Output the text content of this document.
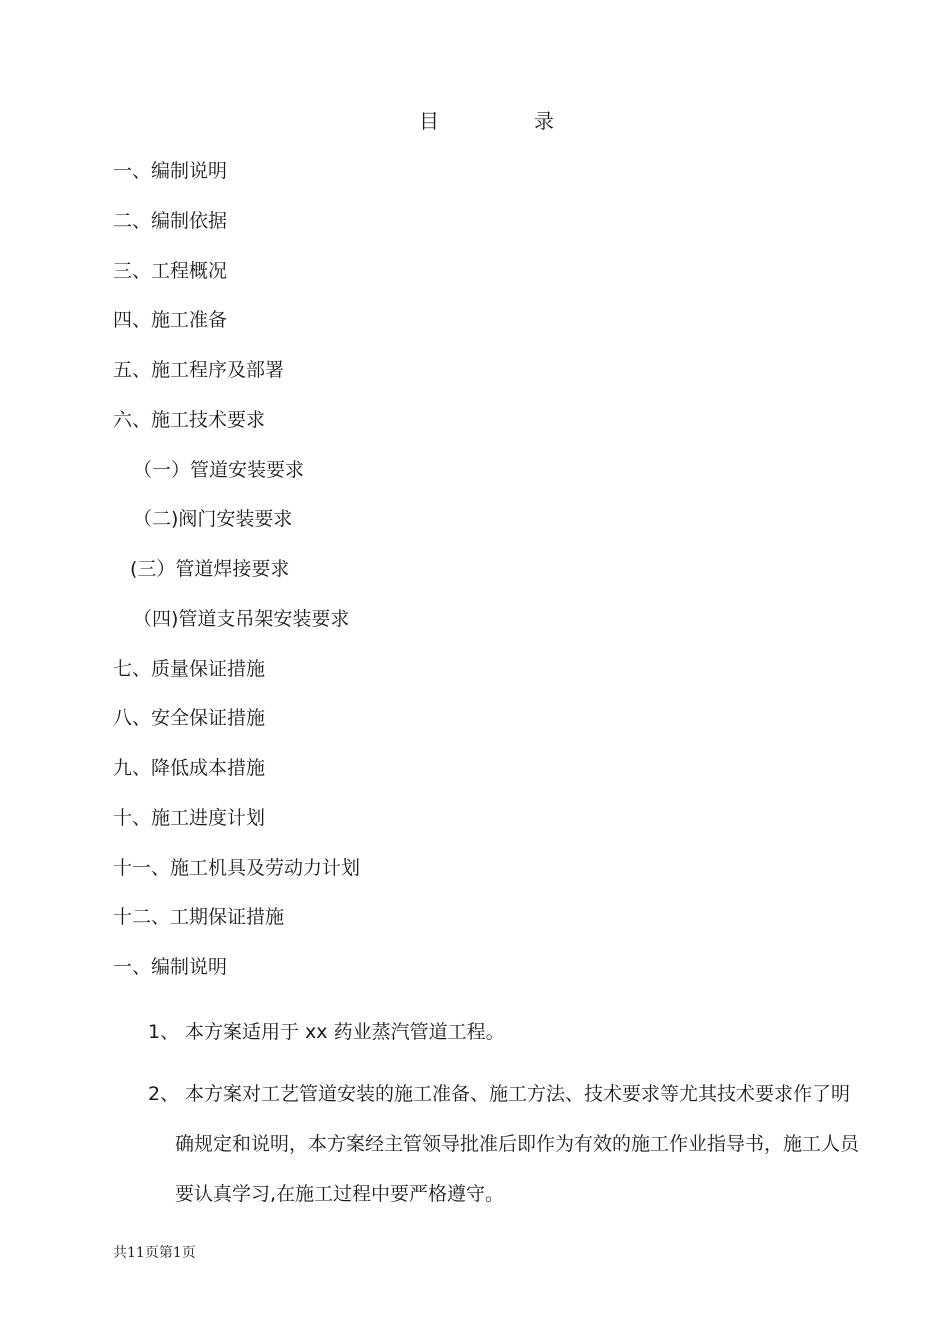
目	录
一、编制说明
二、编制依据
三、工程概况
四、施工准备
五、施工程序及部署
六、施工技术要求
（一）管道安装要求
（二)阀门安装要求
(三）管道焊接要求
（四)管道支吊架安装要求
七、质量保证措施
八、安全保证措施
九、降低成本措施
十、施工进度计划
十一、施工机具及劳动力计划
十二、工期保证措施
一、编制说明
1、 本方案适用于 xx 药业蒸汽管道工程。
2、 本方案对工艺管道安装的施工准备、施工方法、技术要求等尤其技术要求作了明
确规定和说明，本方案经主管领导批准后即作为有效的施工作业指导书，施工人员
要认真学习,在施工过程中要严格遵守。
共11页第1页
